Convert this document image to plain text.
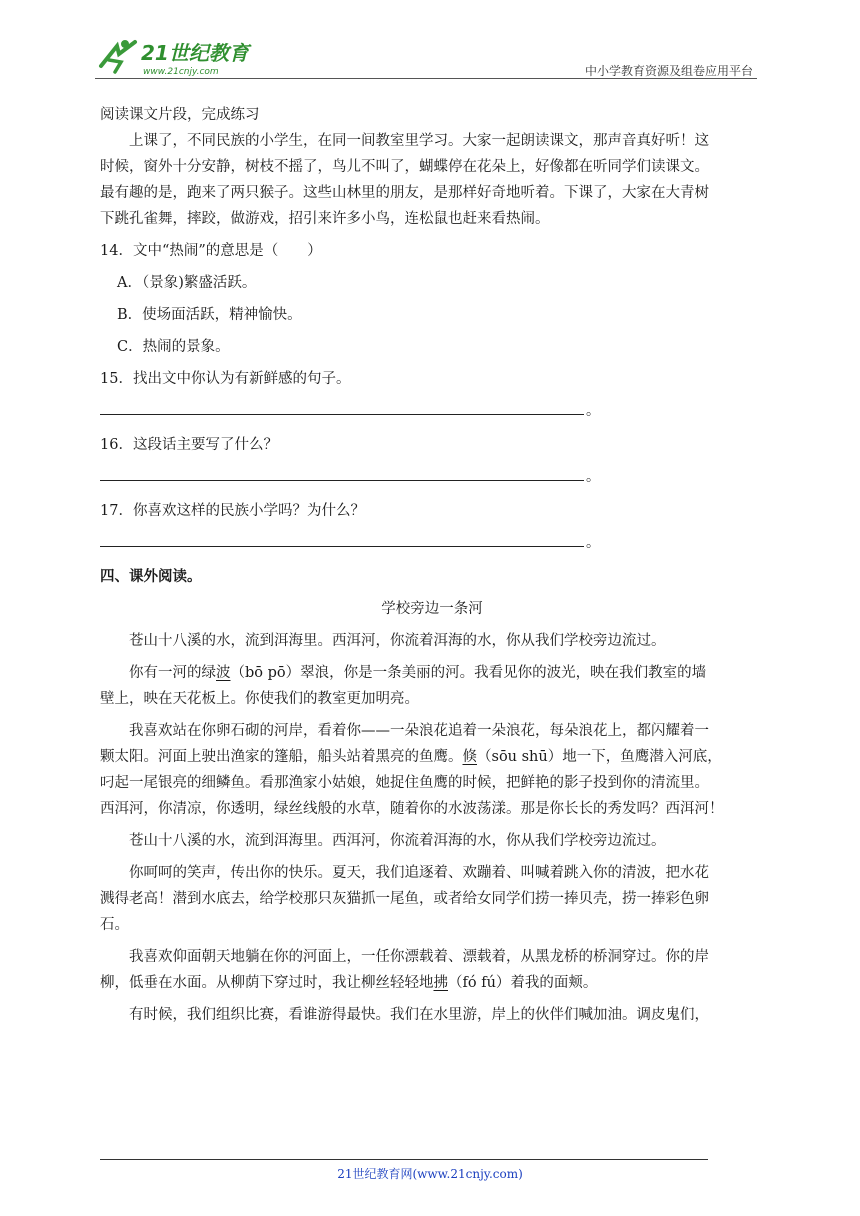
21世纪教育
www.21cnjy.com	中小学教育资源及组卷应用平台
阅读课文片段，完成练习
上课了，不同民族的小学生，在同一间教室里学习。大家一起朗读课文，那声音真好听！这
时候，窗外十分安静，树枝不摇了，鸟儿不叫了，蝴蝶停在花朵上，好像都在听同学们读课文。
最有趣的是，跑来了两只猴子。这些山林里的朋友，是那样好奇地听着。下课了，大家在大青树
下跳孔雀舞，摔跤，做游戏，招引来许多小鸟，连松鼠也赶来看热闹。
14．文中“热闹”的意思是（　　）
A．（景象)繁盛活跃。
B．使场面活跃，精神愉快。
C．热闹的景象。
15．找出文中你认为有新鲜感的句子。
。
16．这段话主要写了什么？
。
17．你喜欢这样的民族小学吗？为什么？
。
四、课外阅读。
学校旁边一条河
苍山十八溪的水，流到洱海里。西洱河，你流着洱海的水，你从我们学校旁边流过。
你有一河的绿波（bō pō）翠浪，你是一条美丽的河。我看见你的波光，映在我们教室的墙
壁上，映在天花板上。你使我们的教室更加明亮。
我喜欢站在你卵石砌的河岸，看着你——一朵浪花追着一朵浪花，每朵浪花上，都闪耀着一
颗太阳。河面上驶出渔家的篷船，船头站着黑亮的鱼鹰。倏（sōu shū）地一下，鱼鹰潜入河底，
叼起一尾银亮的细鳞鱼。看那渔家小姑娘，她捉住鱼鹰的时候，把鲜艳的影子投到你的清流里。
西洱河，你清凉，你透明，绿丝线般的水草，随着你的水波荡漾。那是你长长的秀发吗？西洱河！
苍山十八溪的水，流到洱海里。西洱河，你流着洱海的水，你从我们学校旁边流过。
你呵呵的笑声，传出你的快乐。夏天，我们追逐着、欢蹦着、叫喊着跳入你的清波，把水花
溅得老高！潜到水底去，给学校那只灰猫抓一尾鱼，或者给女同学们捞一捧贝壳，捞一捧彩色卵
石。
我喜欢仰面朝天地躺在你的河面上，一任你漂载着、漂载着，从黑龙桥的桥洞穿过。你的岸
柳，低垂在水面。从柳荫下穿过时，我让柳丝轻轻地拂（fó fú）着我的面颊。
有时候，我们组织比赛，看谁游得最快。我们在水里游，岸上的伙伴们喊加油。调皮鬼们，
21世纪教育网(www.21cnjy.com)
